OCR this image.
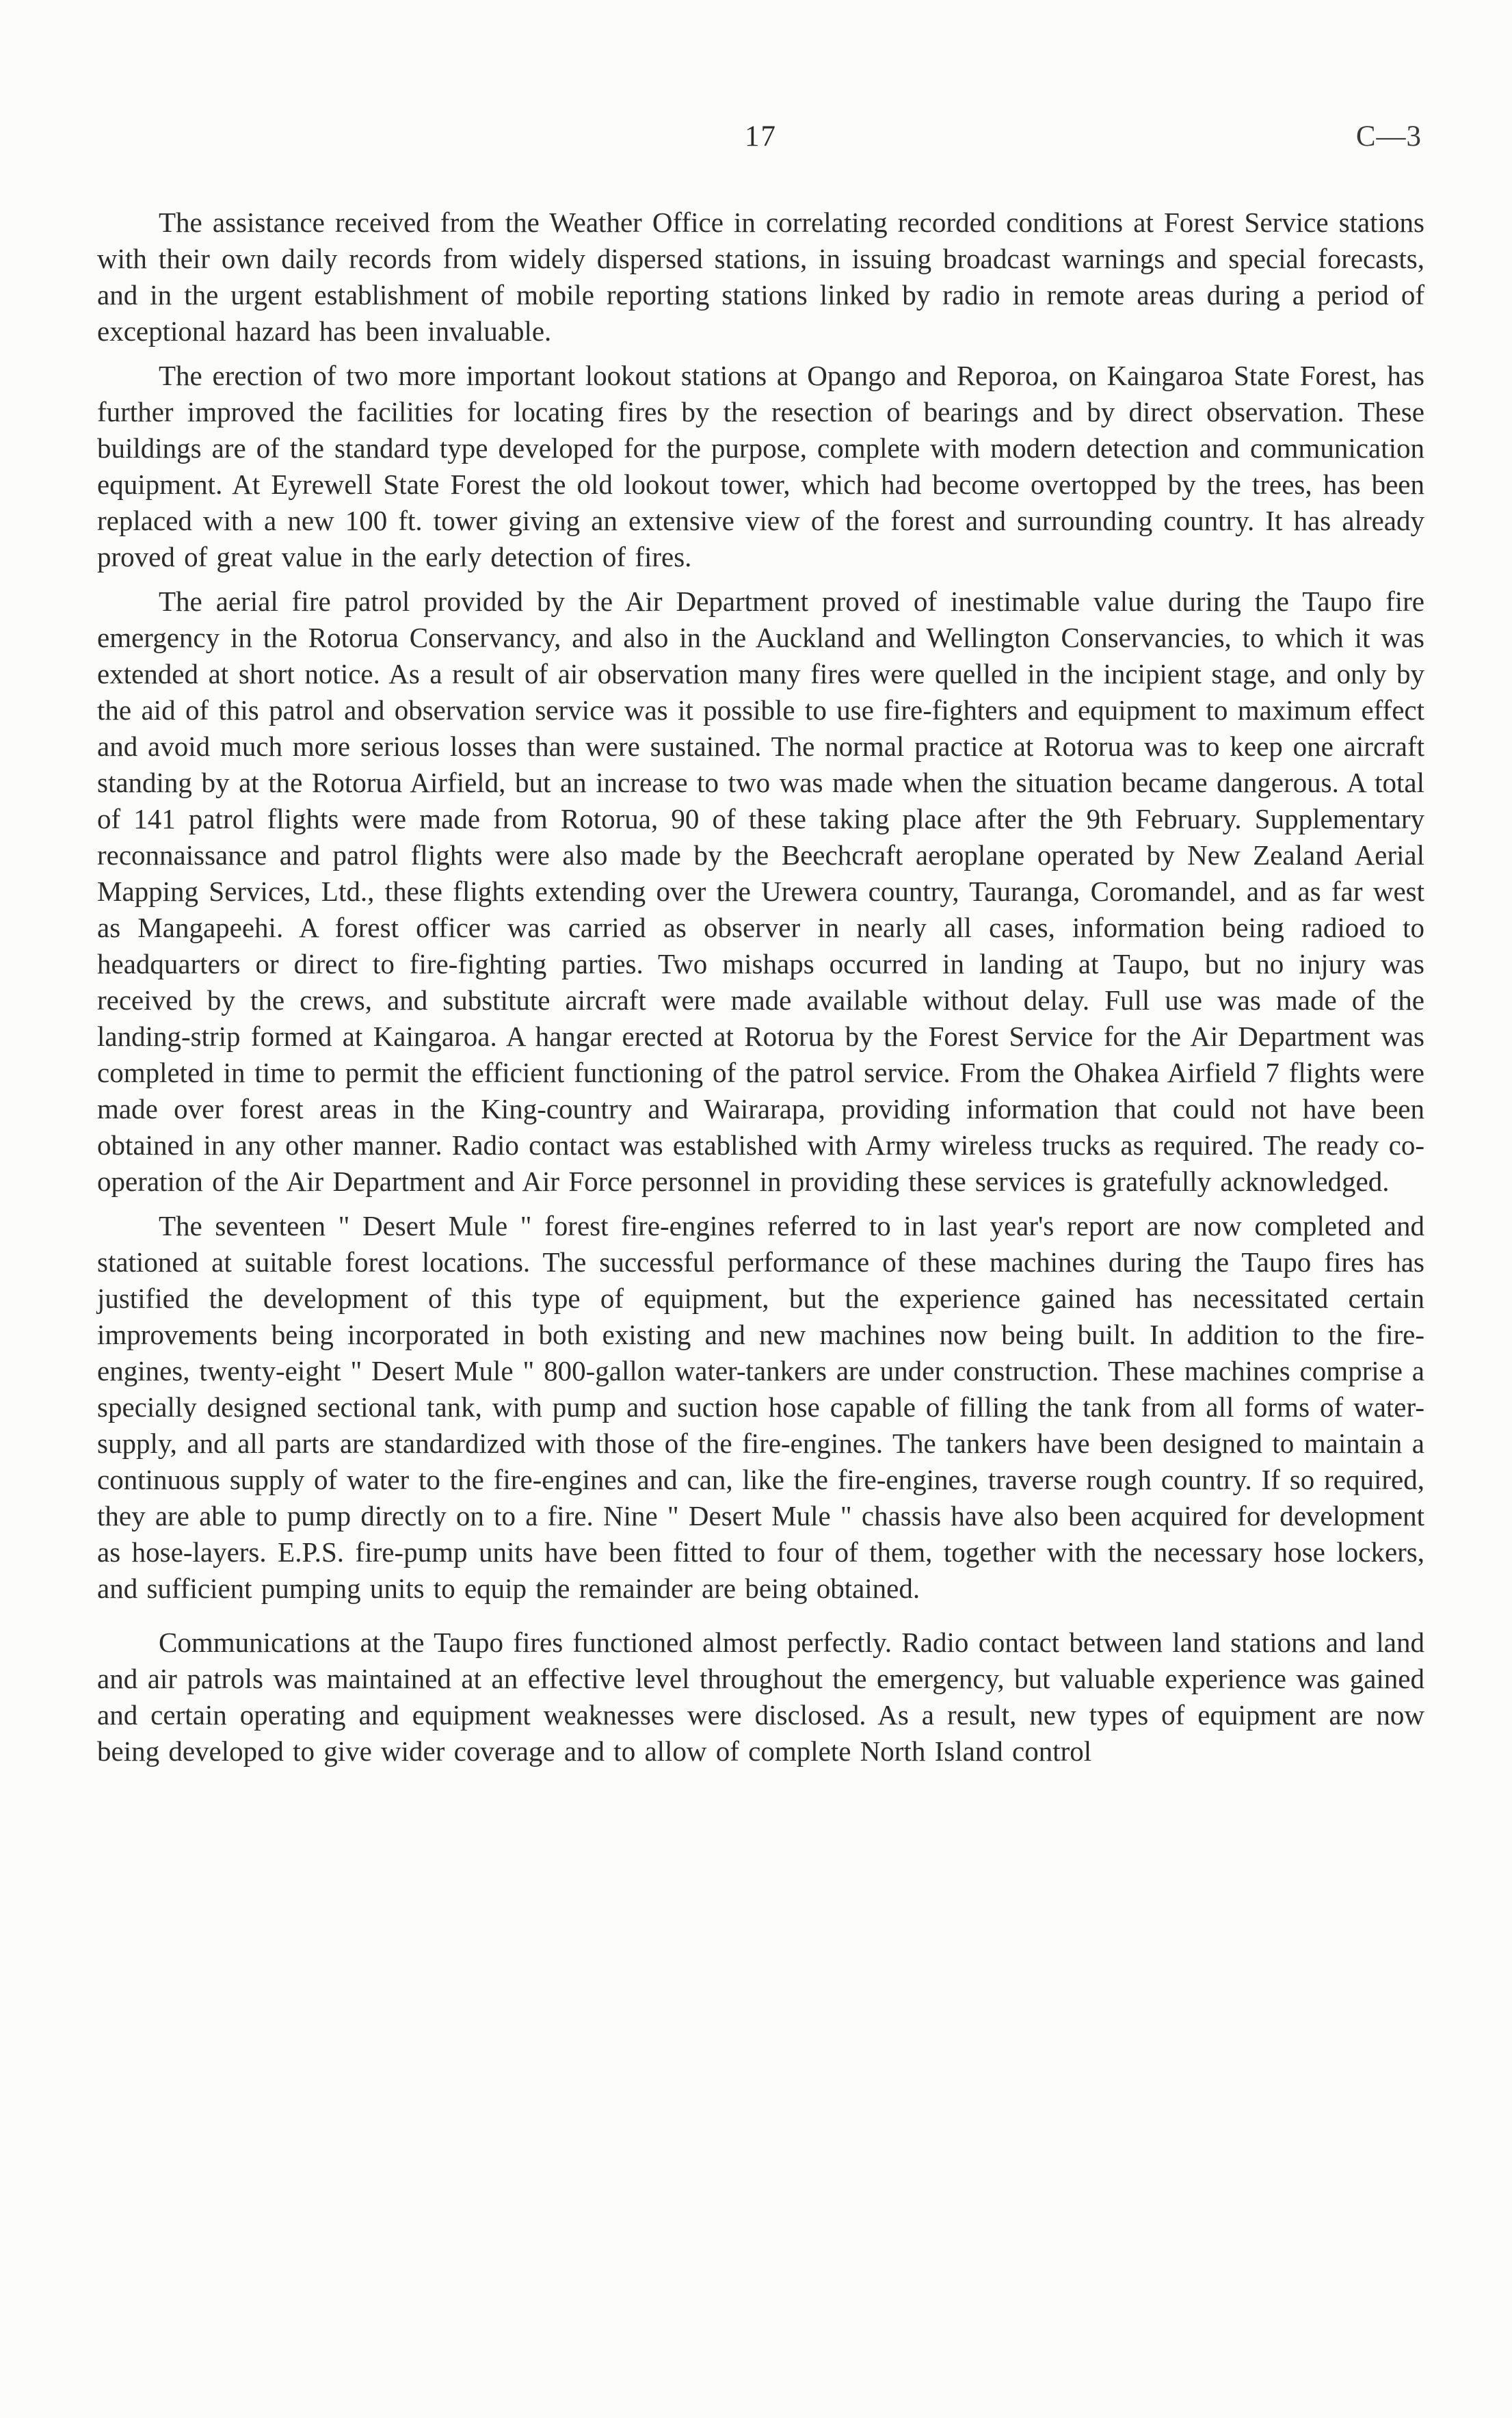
17	C—3

The assistance received from the Weather Office in correlating recorded conditions at Forest Service stations with their own daily records from widely dispersed stations, in issuing broadcast warnings and special forecasts, and in the urgent establishment of mobile reporting stations linked by radio in remote areas during a period of exceptional hazard has been invaluable.

The erection of two more important lookout stations at Opango and Reporoa, on Kaingaroa State Forest, has further improved the facilities for locating fires by the resection of bearings and by direct observation. These buildings are of the standard type developed for the purpose, complete with modern detection and communication equipment. At Eyrewell State Forest the old lookout tower, which had become overtopped by the trees, has been replaced with a new 100 ft. tower giving an extensive view of the forest and surrounding country. It has already proved of great value in the early detection of fires.

The aerial fire patrol provided by the Air Department proved of inestimable value during the Taupo fire emergency in the Rotorua Conservancy, and also in the Auckland and Wellington Conservancies, to which it was extended at short notice. As a result of air observation many fires were quelled in the incipient stage, and only by the aid of this patrol and observation service was it possible to use fire-fighters and equipment to maximum effect and avoid much more serious losses than were sustained. The normal practice at Rotorua was to keep one aircraft standing by at the Rotorua Airfield, but an increase to two was made when the situation became dangerous. A total of 141 patrol flights were made from Rotorua, 90 of these taking place after the 9th February. Supplementary reconnaissance and patrol flights were also made by the Beechcraft aeroplane operated by New Zealand Aerial Mapping Services, Ltd., these flights extending over the Urewera country, Tauranga, Coromandel, and as far west as Mangapeehi. A forest officer was carried as observer in nearly all cases, information being radioed to headquarters or direct to fire-fighting parties. Two mishaps occurred in landing at Taupo, but no injury was received by the crews, and substitute aircraft were made available without delay. Full use was made of the landing-strip formed at Kaingaroa. A hangar erected at Rotorua by the Forest Service for the Air Department was completed in time to permit the efficient functioning of the patrol service. From the Ohakea Airfield 7 flights were made over forest areas in the King-country and Wairarapa, providing information that could not have been obtained in any other manner. Radio contact was established with Army wireless trucks as required. The ready co-operation of the Air Department and Air Force personnel in providing these services is gratefully acknowledged.

The seventeen " Desert Mule " forest fire-engines referred to in last year's report are now completed and stationed at suitable forest locations. The successful performance of these machines during the Taupo fires has justified the development of this type of equipment, but the experience gained has necessitated certain improvements being incorporated in both existing and new machines now being built. In addition to the fire-engines, twenty-eight " Desert Mule " 800-gallon water-tankers are under construction. These machines comprise a specially designed sectional tank, with pump and suction hose capable of filling the tank from all forms of water-supply, and all parts are standardized with those of the fire-engines. The tankers have been designed to maintain a continuous supply of water to the fire-engines and can, like the fire-engines, traverse rough country. If so required, they are able to pump directly on to a fire. Nine " Desert Mule " chassis have also been acquired for development as hose-layers. E.P.S. fire-pump units have been fitted to four of them, together with the necessary hose lockers, and sufficient pumping units to equip the remainder are being obtained.

Communications at the Taupo fires functioned almost perfectly. Radio contact between land stations and land and air patrols was maintained at an effective level throughout the emergency, but valuable experience was gained and certain operating and equipment weaknesses were disclosed. As a result, new types of equipment are now being developed to give wider coverage and to allow of complete North Island control
